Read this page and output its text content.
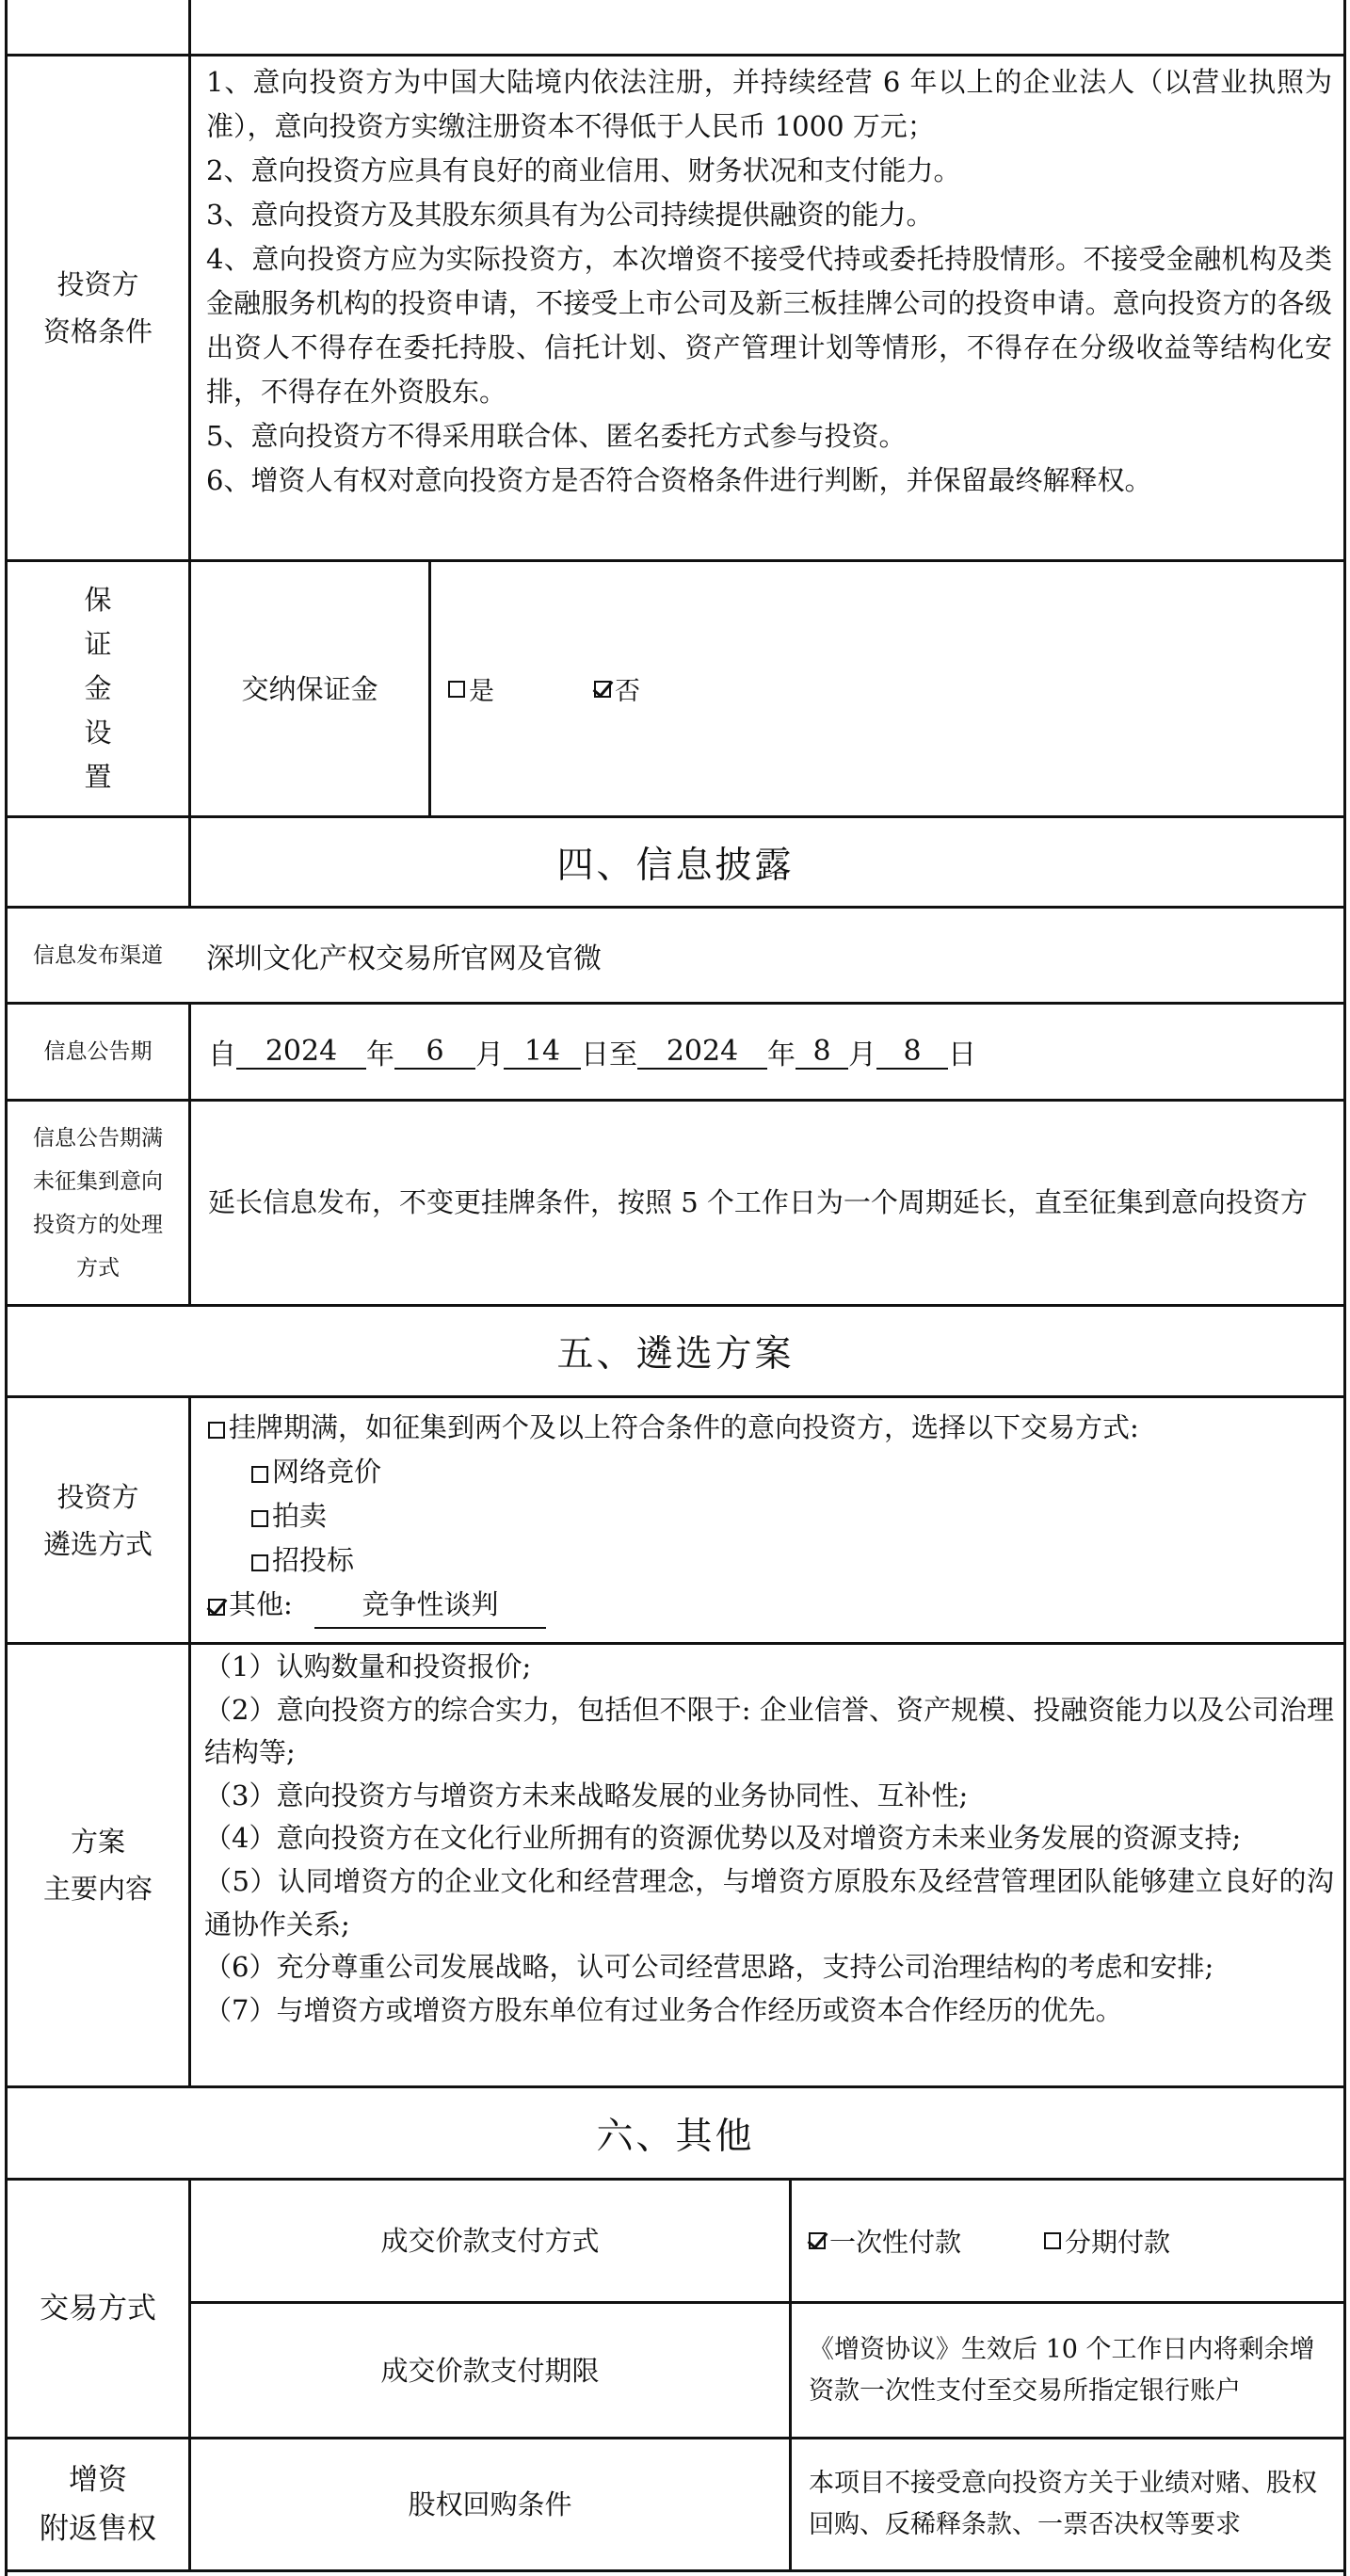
投资方
资格条件

1、意向投资方为中国大陆境内依法注册，并持续经营 6 年以上的企业法人（以营业执照为准），意向投资方实缴注册资本不得低于人民币 1000 万元；

2、意向投资方应具有良好的商业信用、财务状况和支付能力。

3、意向投资方及其股东须具有为公司持续提供融资的能力。

4、意向投资方应为实际投资方，本次增资不接受代持或委托持股情形。不接受金融机构及类金融服务机构的投资申请，不接受上市公司及新三板挂牌公司的投资申请。意向投资方的各级出资人不得存在委托持股、信托计划、资产管理计划等情形，不得存在分级收益等结构化安排，不得存在外资股东。

5、意向投资方不得采用联合体、匿名委托方式参与投资。

6、增资人有权对意向投资方是否符合资格条件进行判断，并保留最终解释权。

保
证
金
设
置
交纳保证金	是	否
四、信息披露
信息发布渠道	深圳文化产权交易所官网及官微
信息公告期	自	2024	年	6	月 14 日至	2024	年 8 月 8 日
信息公告期满
未征集到意向
投资方的处理
方式
延长信息发布，不变更挂牌条件，按照 5 个工作日为一个周期延长，直至征集到意向投资方
五、遴选方案
投资方
遴选方式
挂牌期满，如征集到两个及以上符合条件的意向投资方，选择以下交易方式:
网络竞价
拍卖
招投标
其他:	竞争性谈判
方案
主要内容

（1）认购数量和投资报价;

（2）意向投资方的综合实力，包括但不限于: 企业信誉、资产规模、投融资能力以及公司治理结构等;

（3）意向投资方与增资方未来战略发展的业务协同性、互补性;

（4）意向投资方在文化行业所拥有的资源优势以及对增资方未来业务发展的资源支持;

（5）认同增资方的企业文化和经营理念，与增资方原股东及经营管理团队能够建立良好的沟通协作关系;

（6）充分尊重公司发展战略，认可公司经营思路，支持公司治理结构的考虑和安排;

（7）与增资方或增资方股东单位有过业务合作经历或资本合作经历的优先。

六、其他
交易方式
成交价款支付方式	一次性付款	分期付款
成交价款支付期限
《增资协议》生效后 10 个工作日内将剩余增资款一次性支付至交易所指定银行账户
增资
附返售权
股权回购条件
本项目不接受意向投资方关于业绩对赌、股权回购、反稀释条款、一票否决权等要求
